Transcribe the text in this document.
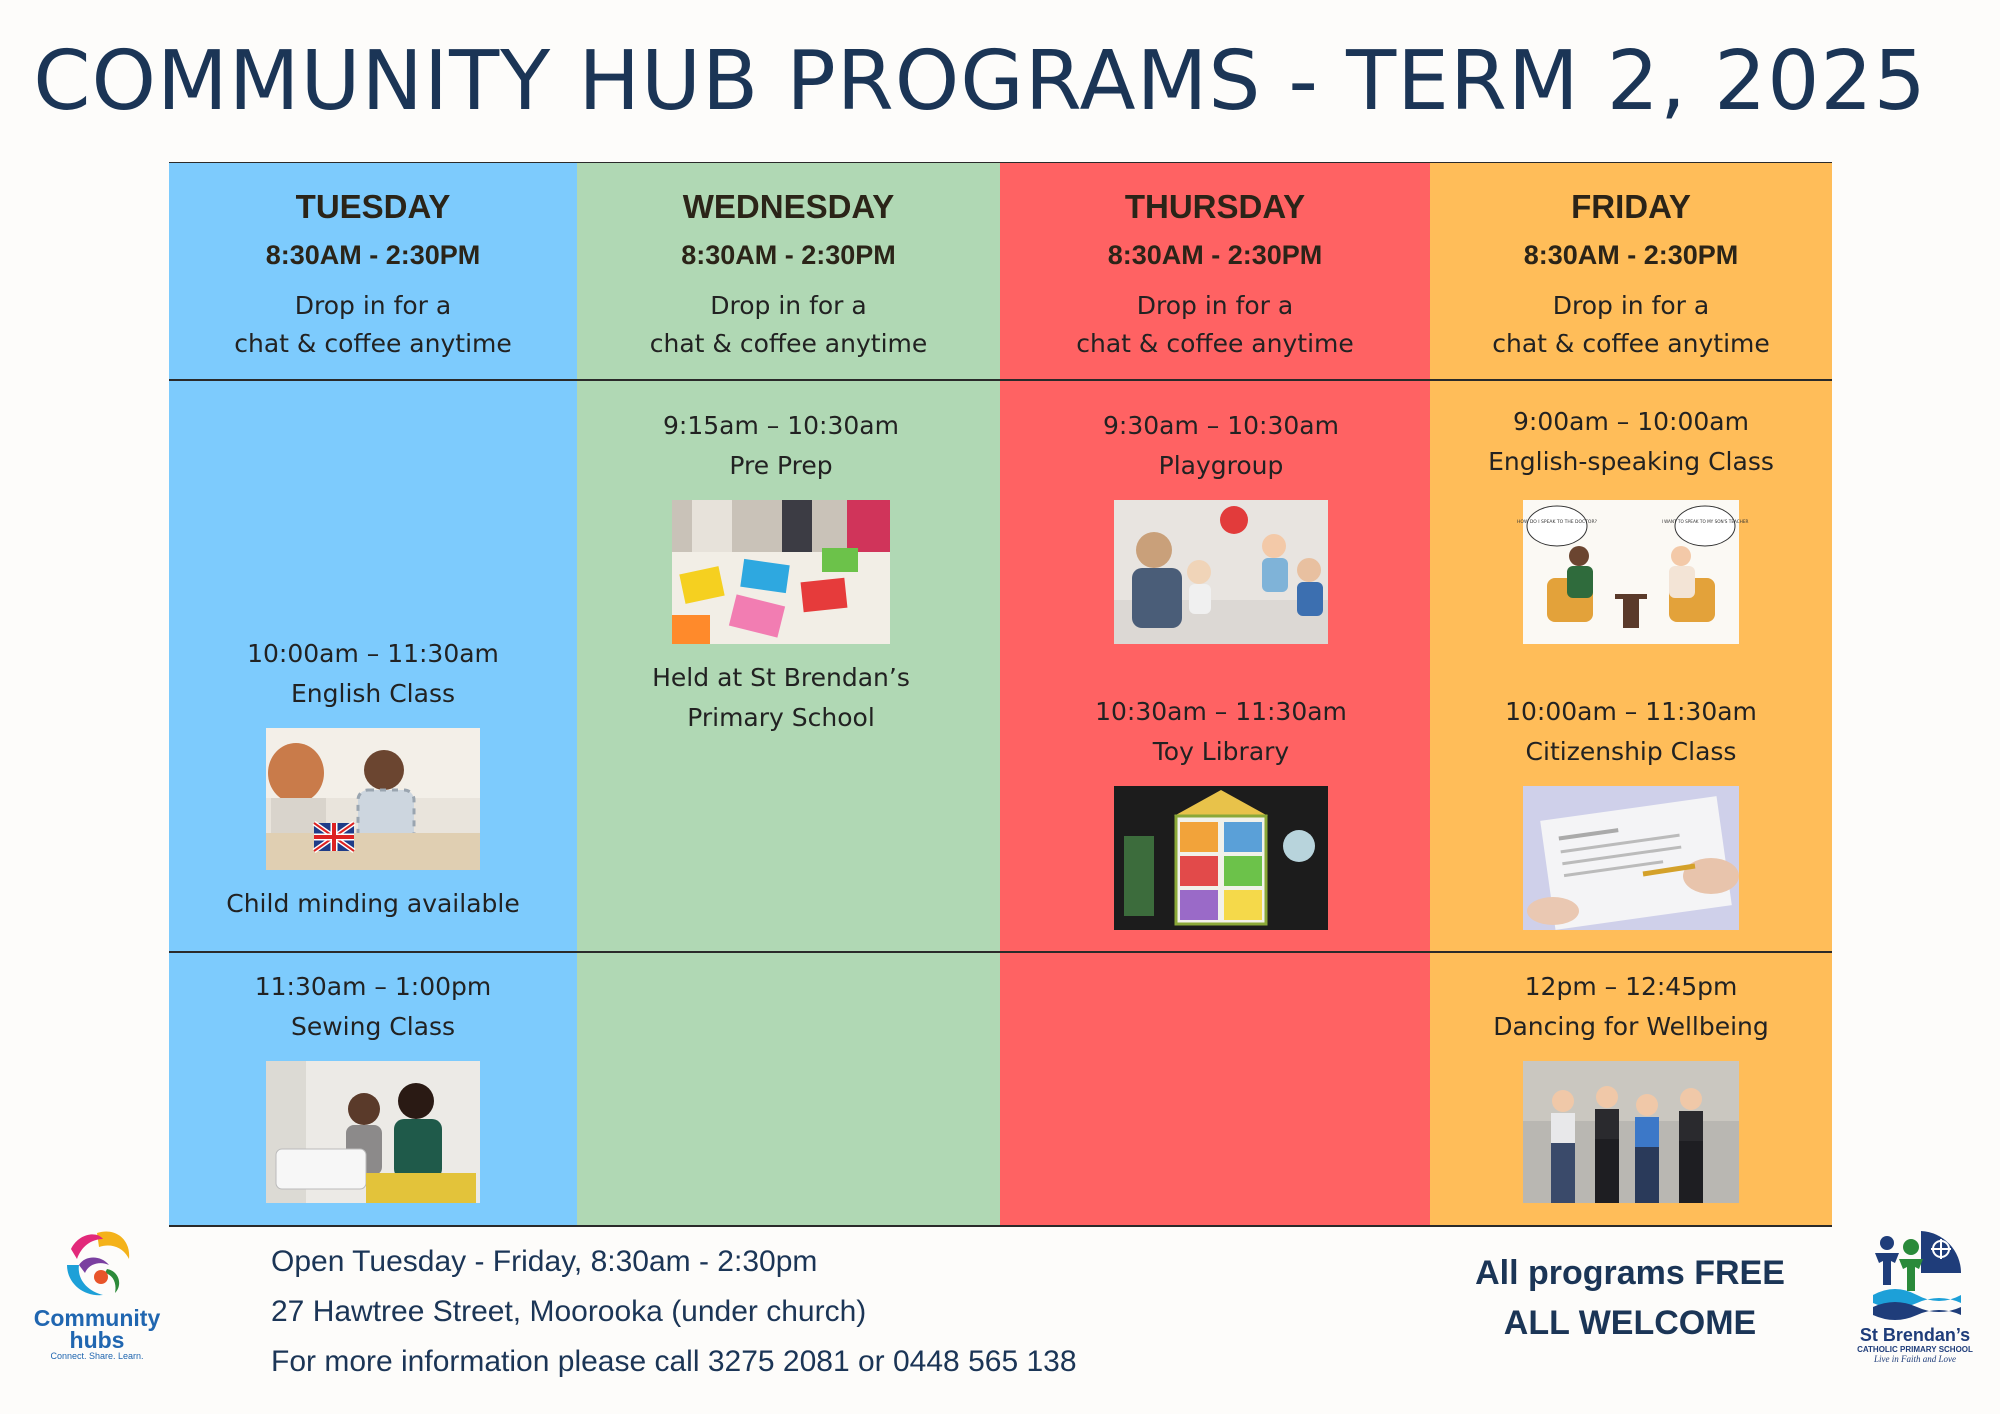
COMMUNITY HUB PROGRAMS - TERM 2, 2025
TUESDAY
8:30AM - 2:30PM
Drop in for a
chat & coffee anytime
WEDNESDAY
8:30AM - 2:30PM
Drop in for a
chat & coffee anytime
THURSDAY
8:30AM - 2:30PM
Drop in for a
chat & coffee anytime
FRIDAY
8:30AM - 2:30PM
Drop in for a
chat & coffee anytime
10:00am – 11:30am
English Class
Child minding available
11:30am – 1:00pm
Sewing Class
9:15am – 10:30am
Pre Prep
Held at St Brendan’s
Primary School
9:30am – 10:30am
Playgroup
10:30am – 11:30am
Toy Library
9:00am – 10:00am
English-speaking Class
HOW DO I SPEAK TO THE DOCTOR?	I WANT TO SPEAK TO MY SON'S TEACHER
10:00am – 11:30am
Citizenship Class
12pm – 12:45pm
Dancing for Wellbeing
Community
hubs
Connect. Share. Learn.
Open Tuesday - Friday, 8:30am - 2:30pm
27 Hawtree Street, Moorooka (under church)
For more information please call 3275 2081 or 0448 565 138
All programs FREE
ALL WELCOME	St Brendan’s
CATHOLIC PRIMARY SCHOOL
Live in Faith and Love
